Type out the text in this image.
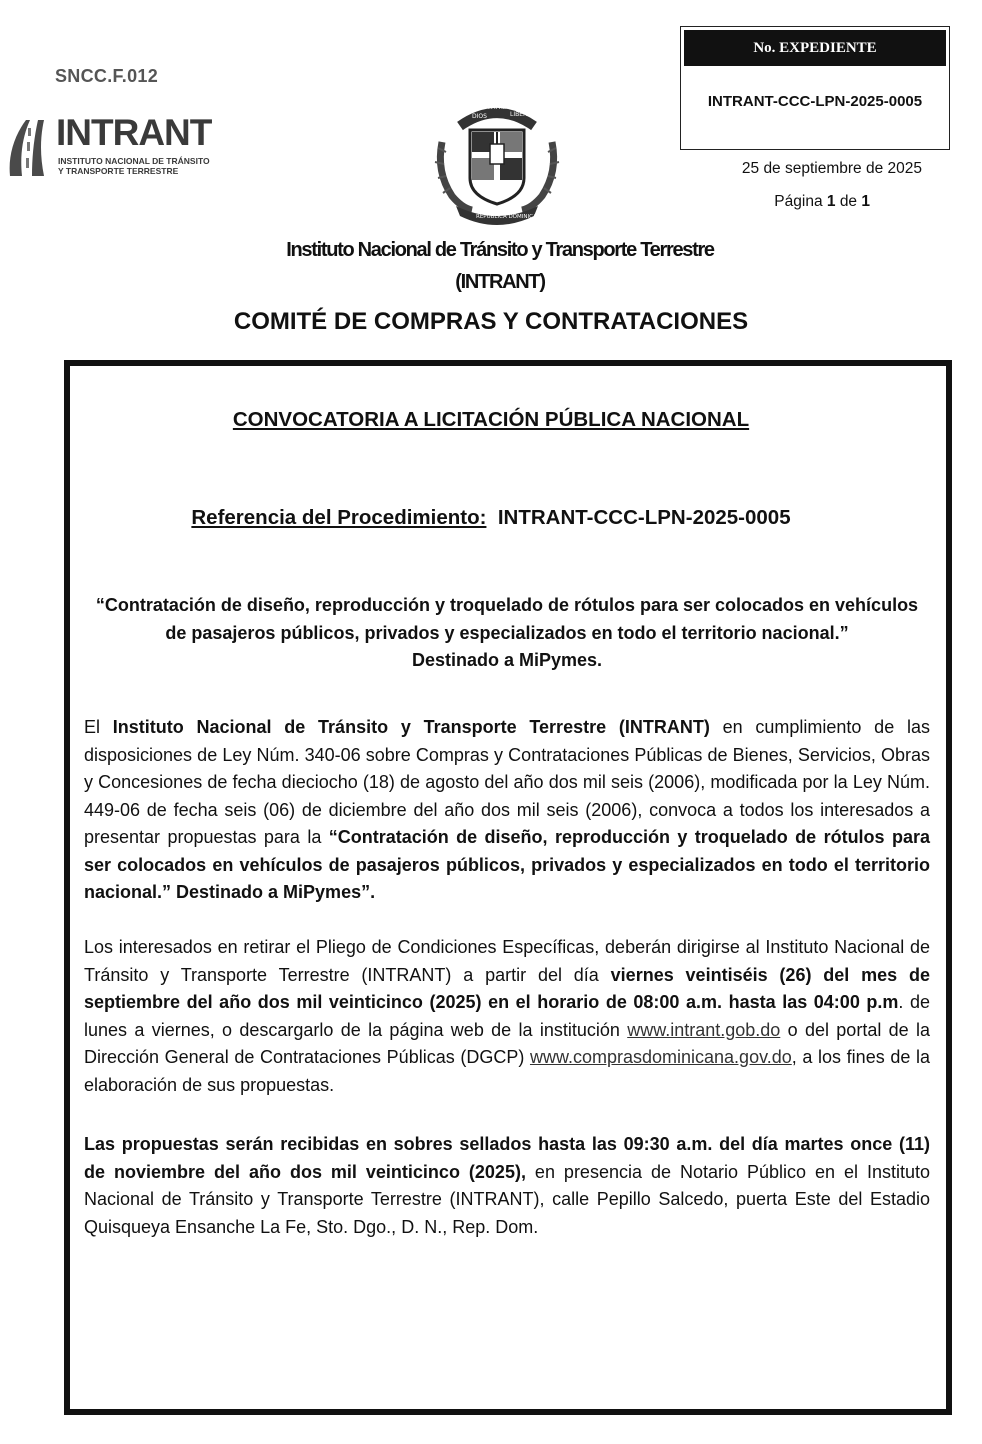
SNCC.F.012
INTRANT
INSTITUTO NACIONAL DE TRÁNSITO
Y TRANSPORTE TERRESTRE
DIOS
PATRIA
LIBERTAD
REPÚBLICA DOMINICANA
No. EXPEDIENTE
INTRANT-CCC-LPN-2025-0005
25 de septiembre de 2025
Página 1 de 1
Instituto Nacional de Tránsito y Transporte Terrestre
(INTRANT)
COMITÉ DE COMPRAS Y CONTRATACIONES
CONVOCATORIA A LICITACIÓN PÚBLICA NACIONAL
Referencia del Procedimiento: INTRANT-CCC-LPN-2025-0005
“Contratación de diseño, reproducción y troquelado de rótulos para ser colocados en vehículos
de pasajeros públicos, privados y especializados en todo el territorio nacional.”
Destinado a MiPymes.
El Instituto Nacional de Tránsito y Transporte Terrestre (INTRANT) en cumplimiento de las disposiciones de Ley Núm. 340-06 sobre Compras y Contrataciones Públicas de Bienes, Servicios, Obras y Concesiones de fecha dieciocho (18) de agosto del año dos mil seis (2006), modificada por la Ley Núm. 449-06 de fecha seis (06) de diciembre del año dos mil seis (2006), convoca a todos los interesados a presentar propuestas para la “Contratación de diseño, reproducción y troquelado de rótulos para ser colocados en vehículos de pasajeros públicos, privados y especializados en todo el territorio nacional.” Destinado a MiPymes”.
Los interesados en retirar el Pliego de Condiciones Específicas, deberán dirigirse al Instituto Nacional de Tránsito y Transporte Terrestre (INTRANT) a partir del día viernes veintiséis (26) del mes de septiembre del año dos mil veinticinco (2025) en el horario de 08:00 a.m. hasta las 04:00 p.m. de lunes a viernes, o descargarlo de la página web de la institución www.intrant.gob.do o del portal de la Dirección General de Contrataciones Públicas (DGCP) www.comprasdominicana.gov.do, a los fines de la elaboración de sus propuestas.
Las propuestas serán recibidas en sobres sellados hasta las 09:30 a.m. del día martes once (11) de noviembre del año dos mil veinticinco (2025), en presencia de Notario Público en el Instituto Nacional de Tránsito y Transporte Terrestre (INTRANT), calle Pepillo Salcedo, puerta Este del Estadio Quisqueya Ensanche La Fe, Sto. Dgo., D. N., Rep. Dom.
